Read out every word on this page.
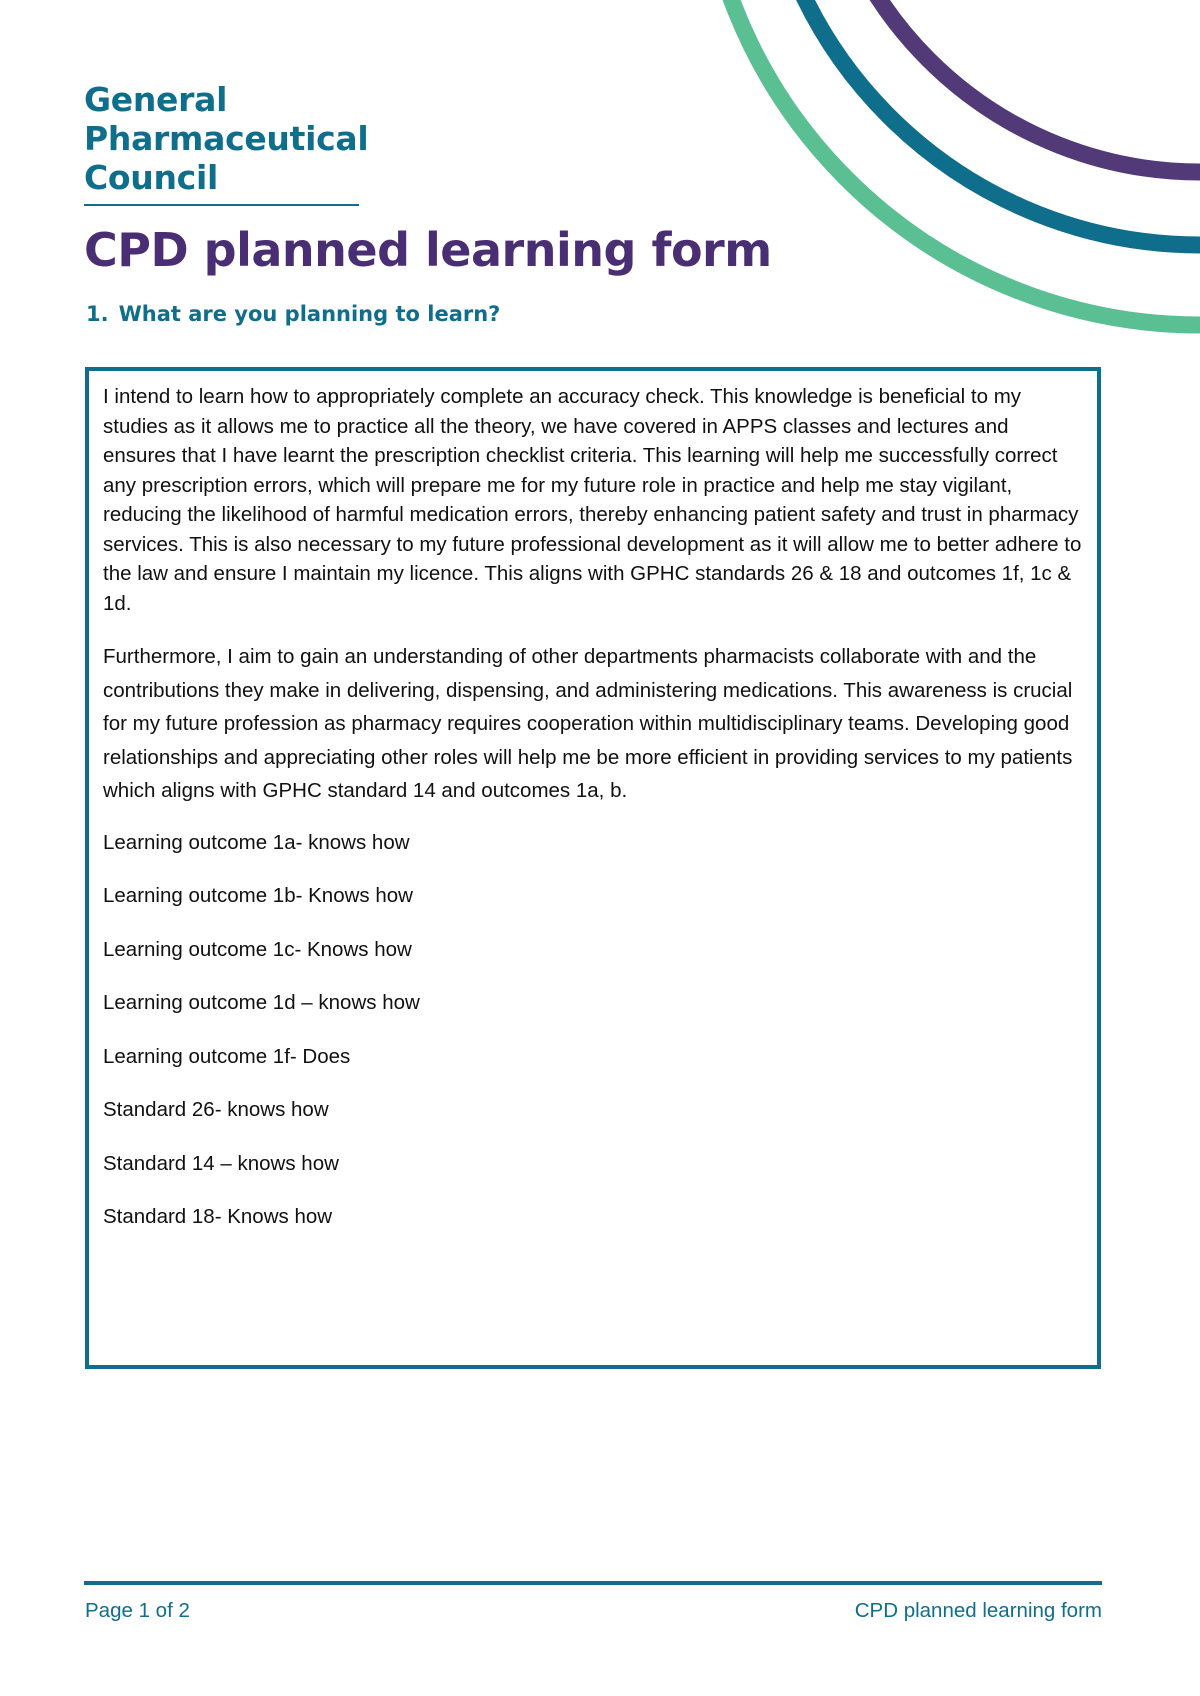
General
Pharmaceutical
Council
CPD planned learning form
1. What are you planning to learn?

I intend to learn how to appropriately complete an accuracy check. This knowledge is beneficial to my studies as it allows me to practice all the theory, we have covered in APPS classes and lectures and ensures that I have learnt the prescription checklist criteria. This learning will help me successfully correct any prescription errors, which will prepare me for my future role in practice and help me stay vigilant, reducing the likelihood of harmful medication errors, thereby enhancing patient safety and trust in pharmacy services. This is also necessary to my future professional development as it will allow me to better adhere to the law and ensure I maintain my licence. This aligns with GPHC standards 26 & 18 and outcomes 1f, 1c & 1d.

Furthermore, I aim to gain an understanding of other departments pharmacists collaborate with and the contributions they make in delivering, dispensing, and administering medications. This awareness is crucial for my future profession as pharmacy requires cooperation within multidisciplinary teams. Developing good relationships and appreciating other roles will help me be more efficient in providing services to my patients which aligns with GPHC standard 14 and outcomes 1a, b.

Learning outcome 1a- knows how
Learning outcome 1b- Knows how
Learning outcome 1c- Knows how
Learning outcome 1d – knows how
Learning outcome 1f- Does
Standard 26- knows how
Standard 14 – knows how
Standard 18- Knows how

Page 1 of 2	CPD planned learning form
